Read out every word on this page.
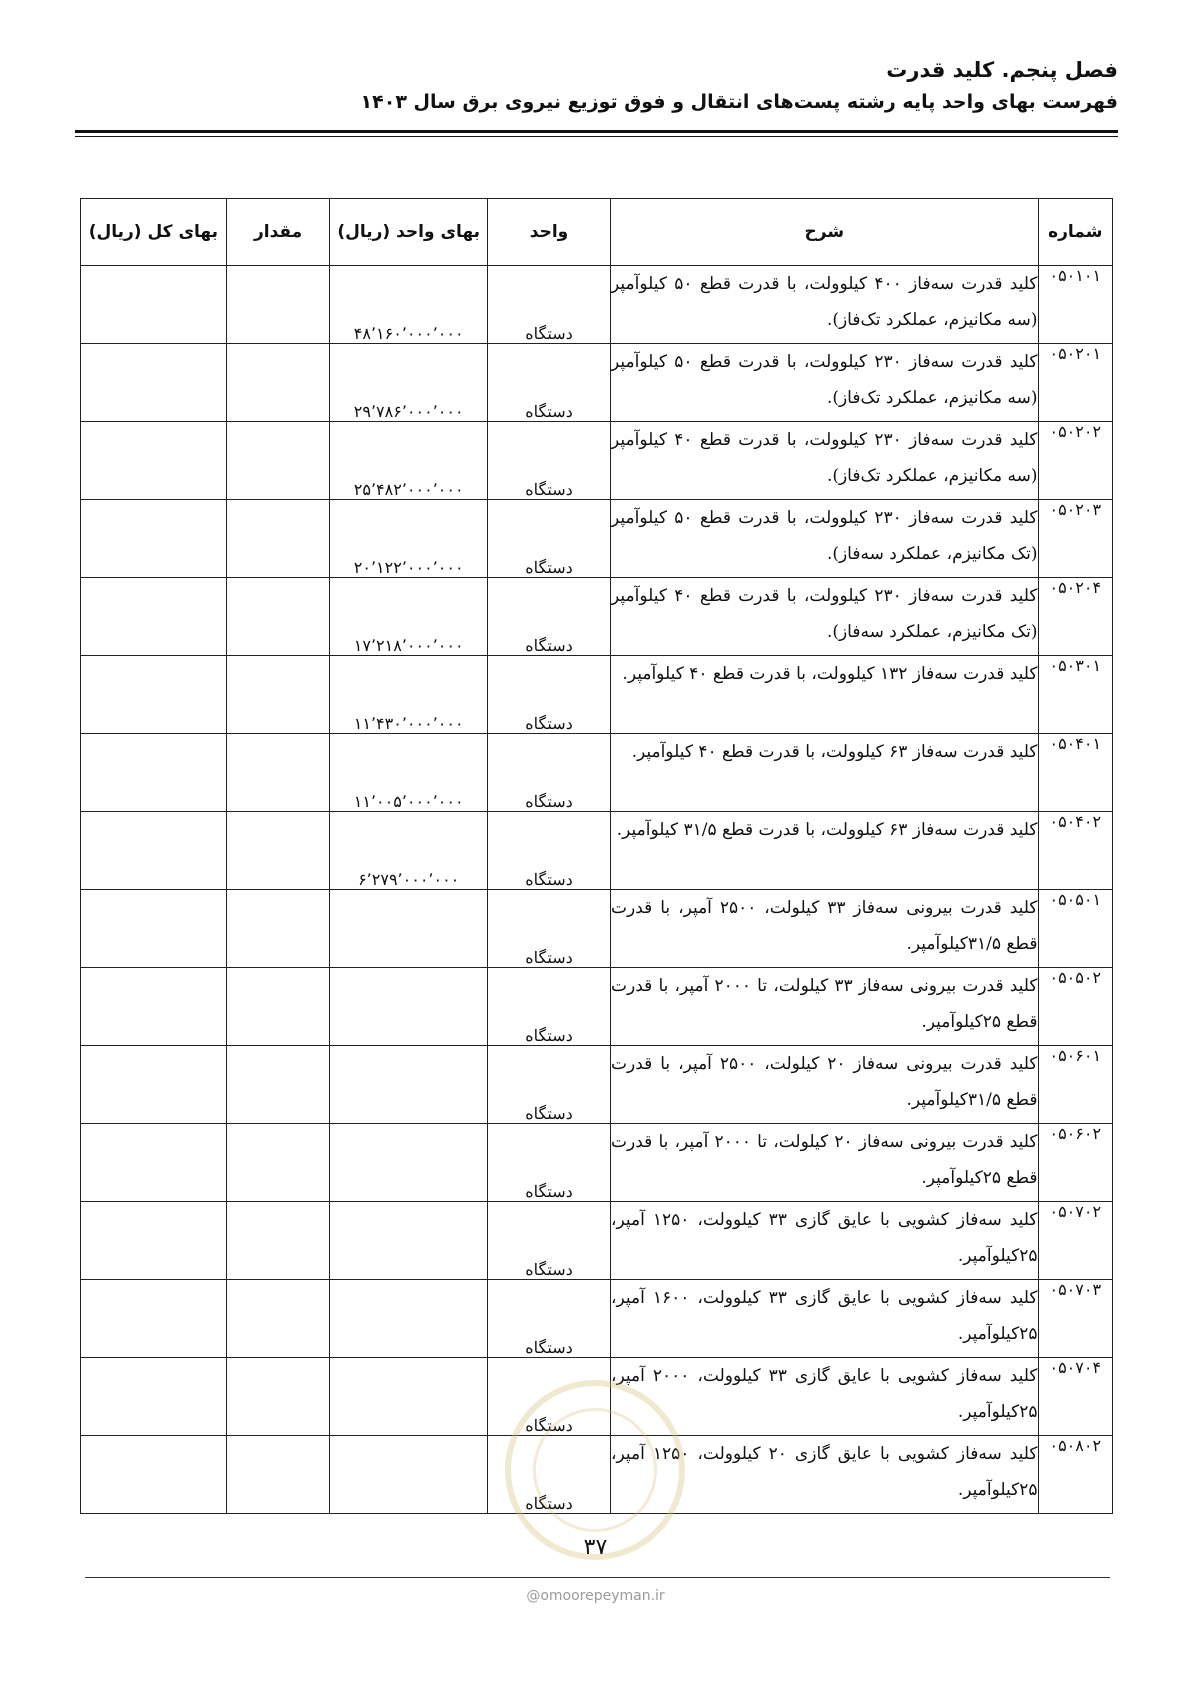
فصل پنجم. کلید قدرت
فهرست بهای واحد پایه رشته پست‌های انتقال و فوق توزیع نیروی برق سال ۱۴۰۳
شماره	شرح	واحد	بهای واحد (ریال)	مقدار	بهای کل (ریال)
۰۵۰۱۰۱	کلید قدرت سه‌فاز ۴۰۰ کیلوولت، با قدرت قطع ۵۰ کیلوآمپر (سه مکانیزم، عملکرد تک‌فاز).	دستگاه	۴۸٬۱۶۰٬۰۰۰٬۰۰۰		
۰۵۰۲۰۱	کلید قدرت سه‌فاز ۲۳۰ کیلوولت، با قدرت قطع ۵۰ کیلوآمپر (سه مکانیزم، عملکرد تک‌فاز).	دستگاه	۲۹٬۷۸۶٬۰۰۰٬۰۰۰		
۰۵۰۲۰۲	کلید قدرت سه‌فاز ۲۳۰ کیلوولت، با قدرت قطع ۴۰ کیلوآمپر (سه مکانیزم، عملکرد تک‌فاز).	دستگاه	۲۵٬۴۸۲٬۰۰۰٬۰۰۰		
۰۵۰۲۰۳	کلید قدرت سه‌فاز ۲۳۰ کیلوولت، با قدرت قطع ۵۰ کیلوآمپر (تک مکانیزم، عملکرد سه‌فاز).	دستگاه	۲۰٬۱۲۲٬۰۰۰٬۰۰۰		
۰۵۰۲۰۴	کلید قدرت سه‌فاز ۲۳۰ کیلوولت، با قدرت قطع ۴۰ کیلوآمپر (تک مکانیزم، عملکرد سه‌فاز).	دستگاه	۱۷٬۲۱۸٬۰۰۰٬۰۰۰		
۰۵۰۳۰۱	کلید قدرت سه‌فاز ۱۳۲ کیلوولت، با قدرت قطع ۴۰ کیلوآمپر.	دستگاه	۱۱٬۴۳۰٬۰۰۰٬۰۰۰		
۰۵۰۴۰۱	کلید قدرت سه‌فاز ۶۳ کیلوولت، با قدرت قطع ۴۰ کیلوآمپر.	دستگاه	۱۱٬۰۰۵٬۰۰۰٬۰۰۰		
۰۵۰۴۰۲	کلید قدرت سه‌فاز ۶۳ کیلوولت، با قدرت قطع ۳۱/۵ کیلوآمپر.	دستگاه	۶٬۲۷۹٬۰۰۰٬۰۰۰		
۰۵۰۵۰۱	کلید قدرت بیرونی سه‌فاز ۳۳ کیلولت، ۲۵۰۰ آمپر، با قدرت قطع ۳۱/۵کیلوآمپر.	دستگاه			
۰۵۰۵۰۲	کلید قدرت بیرونی سه‌فاز ۳۳ کیلولت، تا ۲۰۰۰ آمپر، با قدرت قطع ۲۵کیلوآمپر.	دستگاه			
۰۵۰۶۰۱	کلید قدرت بیرونی سه‌فاز ۲۰ کیلولت، ۲۵۰۰ آمپر، با قدرت قطع ۳۱/۵کیلوآمپر.	دستگاه			
۰۵۰۶۰۲	کلید قدرت بیرونی سه‌فاز ۲۰ کیلولت، تا ۲۰۰۰ آمپر، با قدرت قطع ۲۵کیلوآمپر.	دستگاه			
۰۵۰۷۰۲	کلید سه‌فاز کشویی با عایق گازی ۳۳ کیلوولت، ۱۲۵۰ آمپر، ۲۵کیلوآمپر.	دستگاه			
۰۵۰۷۰۳	کلید سه‌فاز کشویی با عایق گازی ۳۳ کیلوولت، ۱۶۰۰ آمپر، ۲۵کیلوآمپر.	دستگاه			
۰۵۰۷۰۴	کلید سه‌فاز کشویی با عایق گازی ۳۳ کیلوولت، ۲۰۰۰ آمپر، ۲۵کیلوآمپر.	دستگاه			
۰۵۰۸۰۲	کلید سه‌فاز کشویی با عایق گازی ۲۰ کیلوولت، ۱۲۵۰ آمپر، ۲۵کیلوآمپر.	دستگاه			
۳۷
@omoorepeyman.ir
